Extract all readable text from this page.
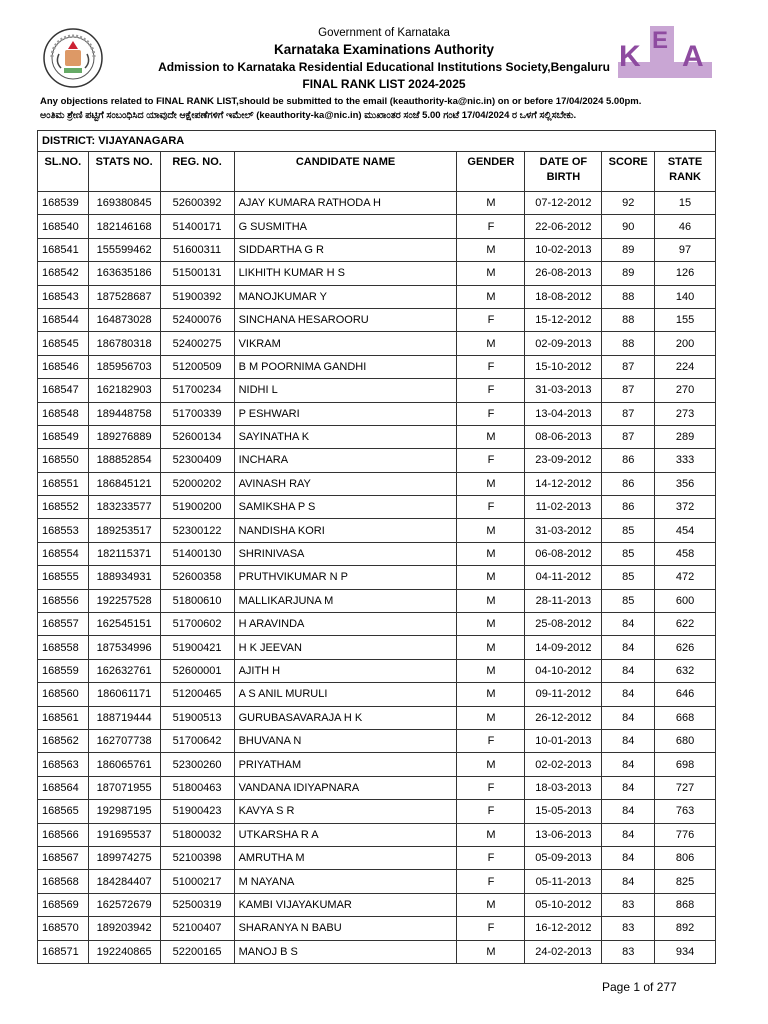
K E A
Government of Karnataka
Karnataka Examinations Authority
Admission to Karnataka Residential Educational Institutions Society,Bengaluru
FINAL RANK LIST 2024-2025
Any objections related to FINAL RANK LIST,should be submitted to the email (keauthority-ka@nic.in) on or before 17/04/2024 5.00pm.
ಅಂತಿಮ ಶ್ರೇಣಿ ಪಟ್ಟಿಗೆ ಸಂಬಂಧಿಸಿದ ಯಾವುದೇ ಆಕ್ಷೇಪಣೆಗಳಿಗೆ ಇಮೇಲ್ (keauthority-ka@nic.in) ಮುಖಾಂತರ ಸಂಜೆ 5.00 ಗಂಟೆ 17/04/2024 ರ ಒಳಗೆ ಸಲ್ಲಿಸಬೇಕು.
DISTRICT: VIJAYANAGARA							
SL.NO.	STATS NO.	REG. NO.	CANDIDATE NAME	GENDER	DATE OF BIRTH	SCORE	STATE RANK
168539	169380845	52600392	AJAY KUMARA RATHODA H	M	07-12-2012	92	15
168540	182146168	51400171	G SUSMITHA	F	22-06-2012	90	46
168541	155599462	51600311	SIDDARTHA G R	M	10-02-2013	89	97
168542	163635186	51500131	LIKHITH KUMAR H S	M	26-08-2013	89	126
168543	187528687	51900392	MANOJKUMAR Y	M	18-08-2012	88	140
168544	164873028	52400076	SINCHANA HESAROORU	F	15-12-2012	88	155
168545	186780318	52400275	VIKRAM	M	02-09-2013	88	200
168546	185956703	51200509	B M POORNIMA GANDHI	F	15-10-2012	87	224
168547	162182903	51700234	NIDHI L	F	31-03-2013	87	270
168548	189448758	51700339	P ESHWARI	F	13-04-2013	87	273
168549	189276889	52600134	SAYINATHA K	M	08-06-2013	87	289
168550	188852854	52300409	INCHARA	F	23-09-2012	86	333
168551	186845121	52000202	AVINASH RAY	M	14-12-2012	86	356
168552	183233577	51900200	SAMIKSHA P S	F	11-02-2013	86	372
168553	189253517	52300122	NANDISHA KORI	M	31-03-2012	85	454
168554	182115371	51400130	SHRINIVASA	M	06-08-2012	85	458
168555	188934931	52600358	PRUTHVIKUMAR N P	M	04-11-2012	85	472
168556	192257528	51800610	MALLIKARJUNA M	M	28-11-2013	85	600
168557	162545151	51700602	H ARAVINDA	M	25-08-2012	84	622
168558	187534996	51900421	H K JEEVAN	M	14-09-2012	84	626
168559	162632761	52600001	AJITH H	M	04-10-2012	84	632
168560	186061171	51200465	A S ANIL MURULI	M	09-11-2012	84	646
168561	188719444	51900513	GURUBASAVARAJA H K	M	26-12-2012	84	668
168562	162707738	51700642	BHUVANA N	F	10-01-2013	84	680
168563	186065761	52300260	PRIYATHAM	M	02-02-2013	84	698
168564	187071955	51800463	VANDANA IDIYAPNARA	F	18-03-2013	84	727
168565	192987195	51900423	KAVYA S R	F	15-05-2013	84	763
168566	191695537	51800032	UTKARSHA R A	M	13-06-2013	84	776
168567	189974275	52100398	AMRUTHA M	F	05-09-2013	84	806
168568	184284407	51000217	M NAYANA	F	05-11-2013	84	825
168569	162572679	52500319	KAMBI VIJAYAKUMAR	M	05-10-2012	83	868
168570	189203942	52100407	SHARANYA N BABU	F	16-12-2012	83	892
168571	192240865	52200165	MANOJ B S	M	24-02-2013	83	934
Page 1 of 277
